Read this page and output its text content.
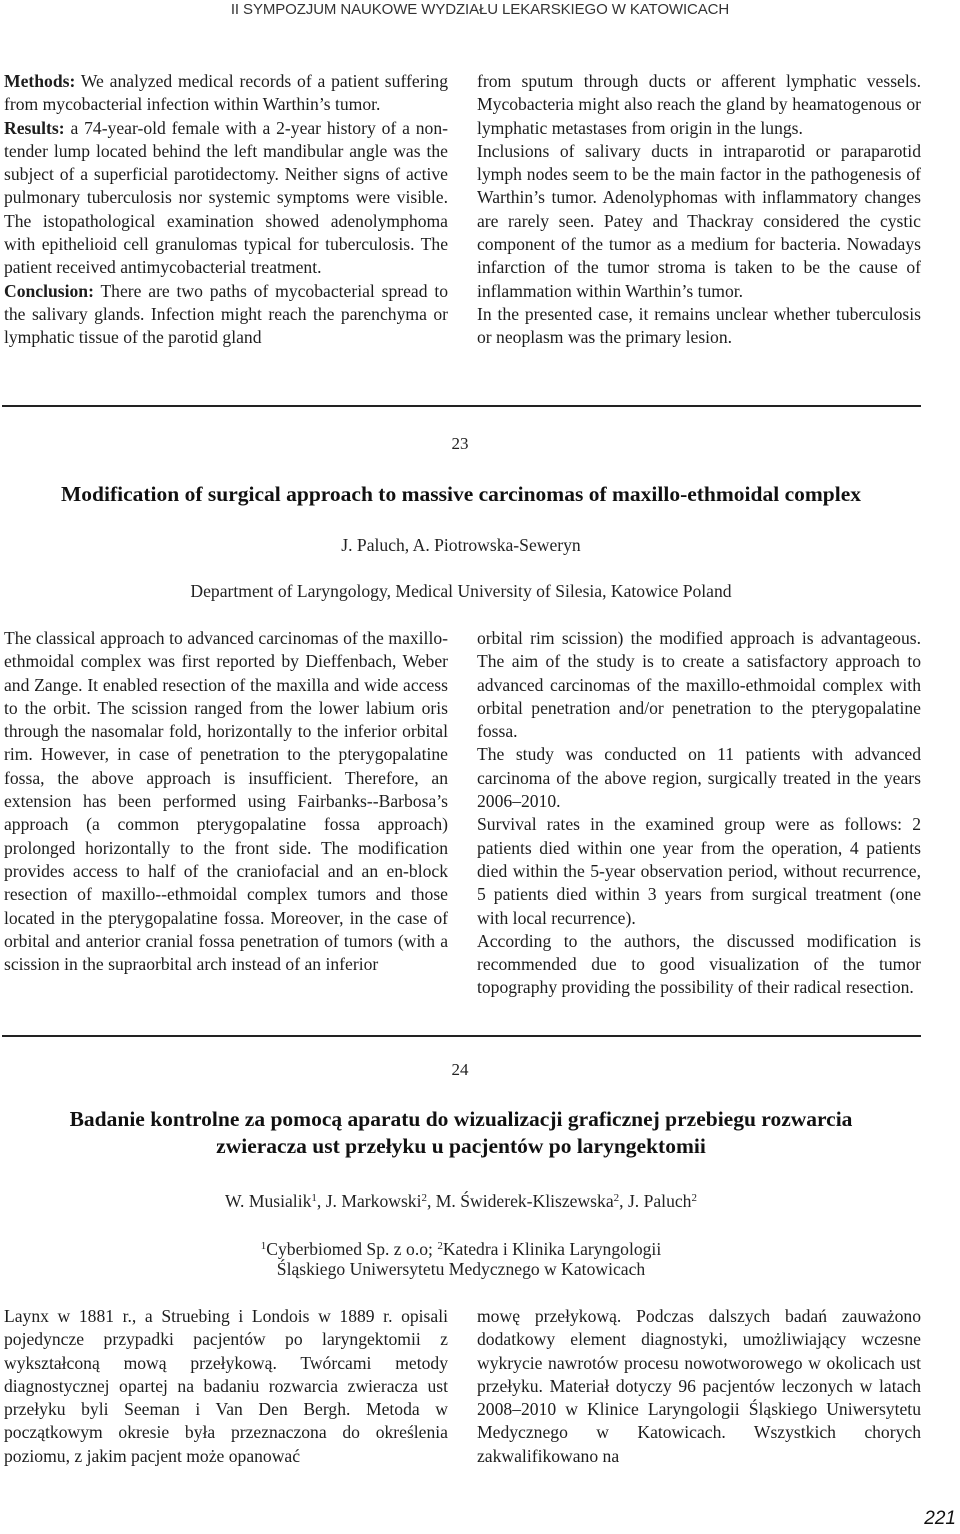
II SYMPOZJUM NAUKOWE WYDZIAŁU LEKARSKIEGO W KATOWICACH

Methods: We analyzed medical records of a patient suffering from mycobacterial infection within Warthin’s tumor.

Results: a 74-year-old female with a 2-year history of a non-tender lump located behind the left mandibular angle was the subject of a superficial parotidectomy. Neither signs of active pulmonary tuberculosis nor systemic symptoms were visible. The istopathological examination showed adenolymphoma with epithelioid cell granulomas typical for tuberculosis. The patient received antimycobacterial treatment.

Conclusion: There are two paths of mycobacterial spread to the salivary glands. Infection might reach the parenchyma or lymphatic tissue of the parotid gland

from sputum through ducts or afferent lymphatic vessels. Mycobacteria might also reach the gland by heamatogenous or lymphatic metastases from origin in the lungs.

Inclusions of salivary ducts in intraparotid or paraparotid lymph nodes seem to be the main factor in the pathogenesis of Warthin’s tumor. Adenolyphomas with inflammatory changes are rarely seen. Patey and Thackray considered the cystic component of the tumor as a medium for bacteria. Nowadays infarction of the tumor stroma is taken to be the cause of inflammation within Warthin’s tumor.

In the presented case, it remains unclear whether tuberculosis or neoplasm was the primary lesion.

23
Modification of surgical approach to massive carcinomas of maxillo-ethmoidal complex
J. Paluch, A. Piotrowska-Seweryn
Department of Laryngology, Medical University of Silesia, Katowice Poland

The classical approach to advanced carcinomas of the maxillo-ethmoidal complex was first reported by Dieffenbach, Weber and Zange. It enabled resection of the maxilla and wide access to the orbit. The scission ranged from the lower labium oris through the nasomalar fold, horizontally to the inferior orbital rim. However, in case of penetration to the pterygopalatine fossa, the above approach is insufficient. Therefore, an extension has been performed using Fairbanks--Barbosa’s approach (a common pterygopalatine fossa approach) prolonged horizontally to the front side. The modification provides access to half of the craniofacial and an en-block resection of maxillo--ethmoidal complex tumors and those located in the pterygopalatine fossa. Moreover, in the case of orbital and anterior cranial fossa penetration of tumors (with a scission in the supraorbital arch instead of an inferior

orbital rim scission) the modified approach is advantageous. The aim of the study is to create a satisfactory approach to advanced carcinomas of the maxillo-ethmoidal complex with orbital penetration and/or penetration to the pterygopalatine fossa.

The study was conducted on 11 patients with advanced carcinoma of the above region, surgically treated in the years 2006–2010.

Survival rates in the examined group were as follows: 2 patients died within one year from the operation, 4 patients died within the 5-year observation period, without recurrence, 5 patients died within 3 years from surgical treatment (one with local recurrence).

According to the authors, the discussed modification is recommended due to good visualization of the tumor topography providing the possibility of their radical resection.

24
Badanie kontrolne za pomocą aparatu do wizualizacji graficznej przebiegu rozwarcia
zwieracza ust przełyku u pacjentów po laryngektomii
W. Musialik$^1$, J. Markowski$^2$, M. Świderek-Kliszewska$^2$, J. Paluch$^2$
$^1$Cyberbiomed Sp. z o.o; $^2$Katedra i Klinika Laryngologii
Śląskiego Uniwersytetu Medycznego w Katowicach

Laynx w 1881 r., a Struebing i Londois w 1889 r. opisali pojedyncze przypadki pacjentów po laryngektomii z wykształconą mową przełykową. Twórcami metody diagnostycznej opartej na badaniu rozwarcia zwieracza ust przełyku byli Seeman i Van Den Bergh. Metoda w początkowym okresie była przeznaczona do określenia poziomu, z jakim pacjent może opanować

mowę przełykową. Podczas dalszych badań zauważono dodatkowy element diagnostyki, umożliwiający wczesne wykrycie nawrotów procesu nowotworowego w okolicach ust przełyku. Materiał dotyczy 96 pacjentów leczonych w latach 2008–2010 w Klinice Laryngologii Śląskiego Uniwersytetu Medycznego w Katowicach. Wszystkich chorych zakwalifikowano na

221
